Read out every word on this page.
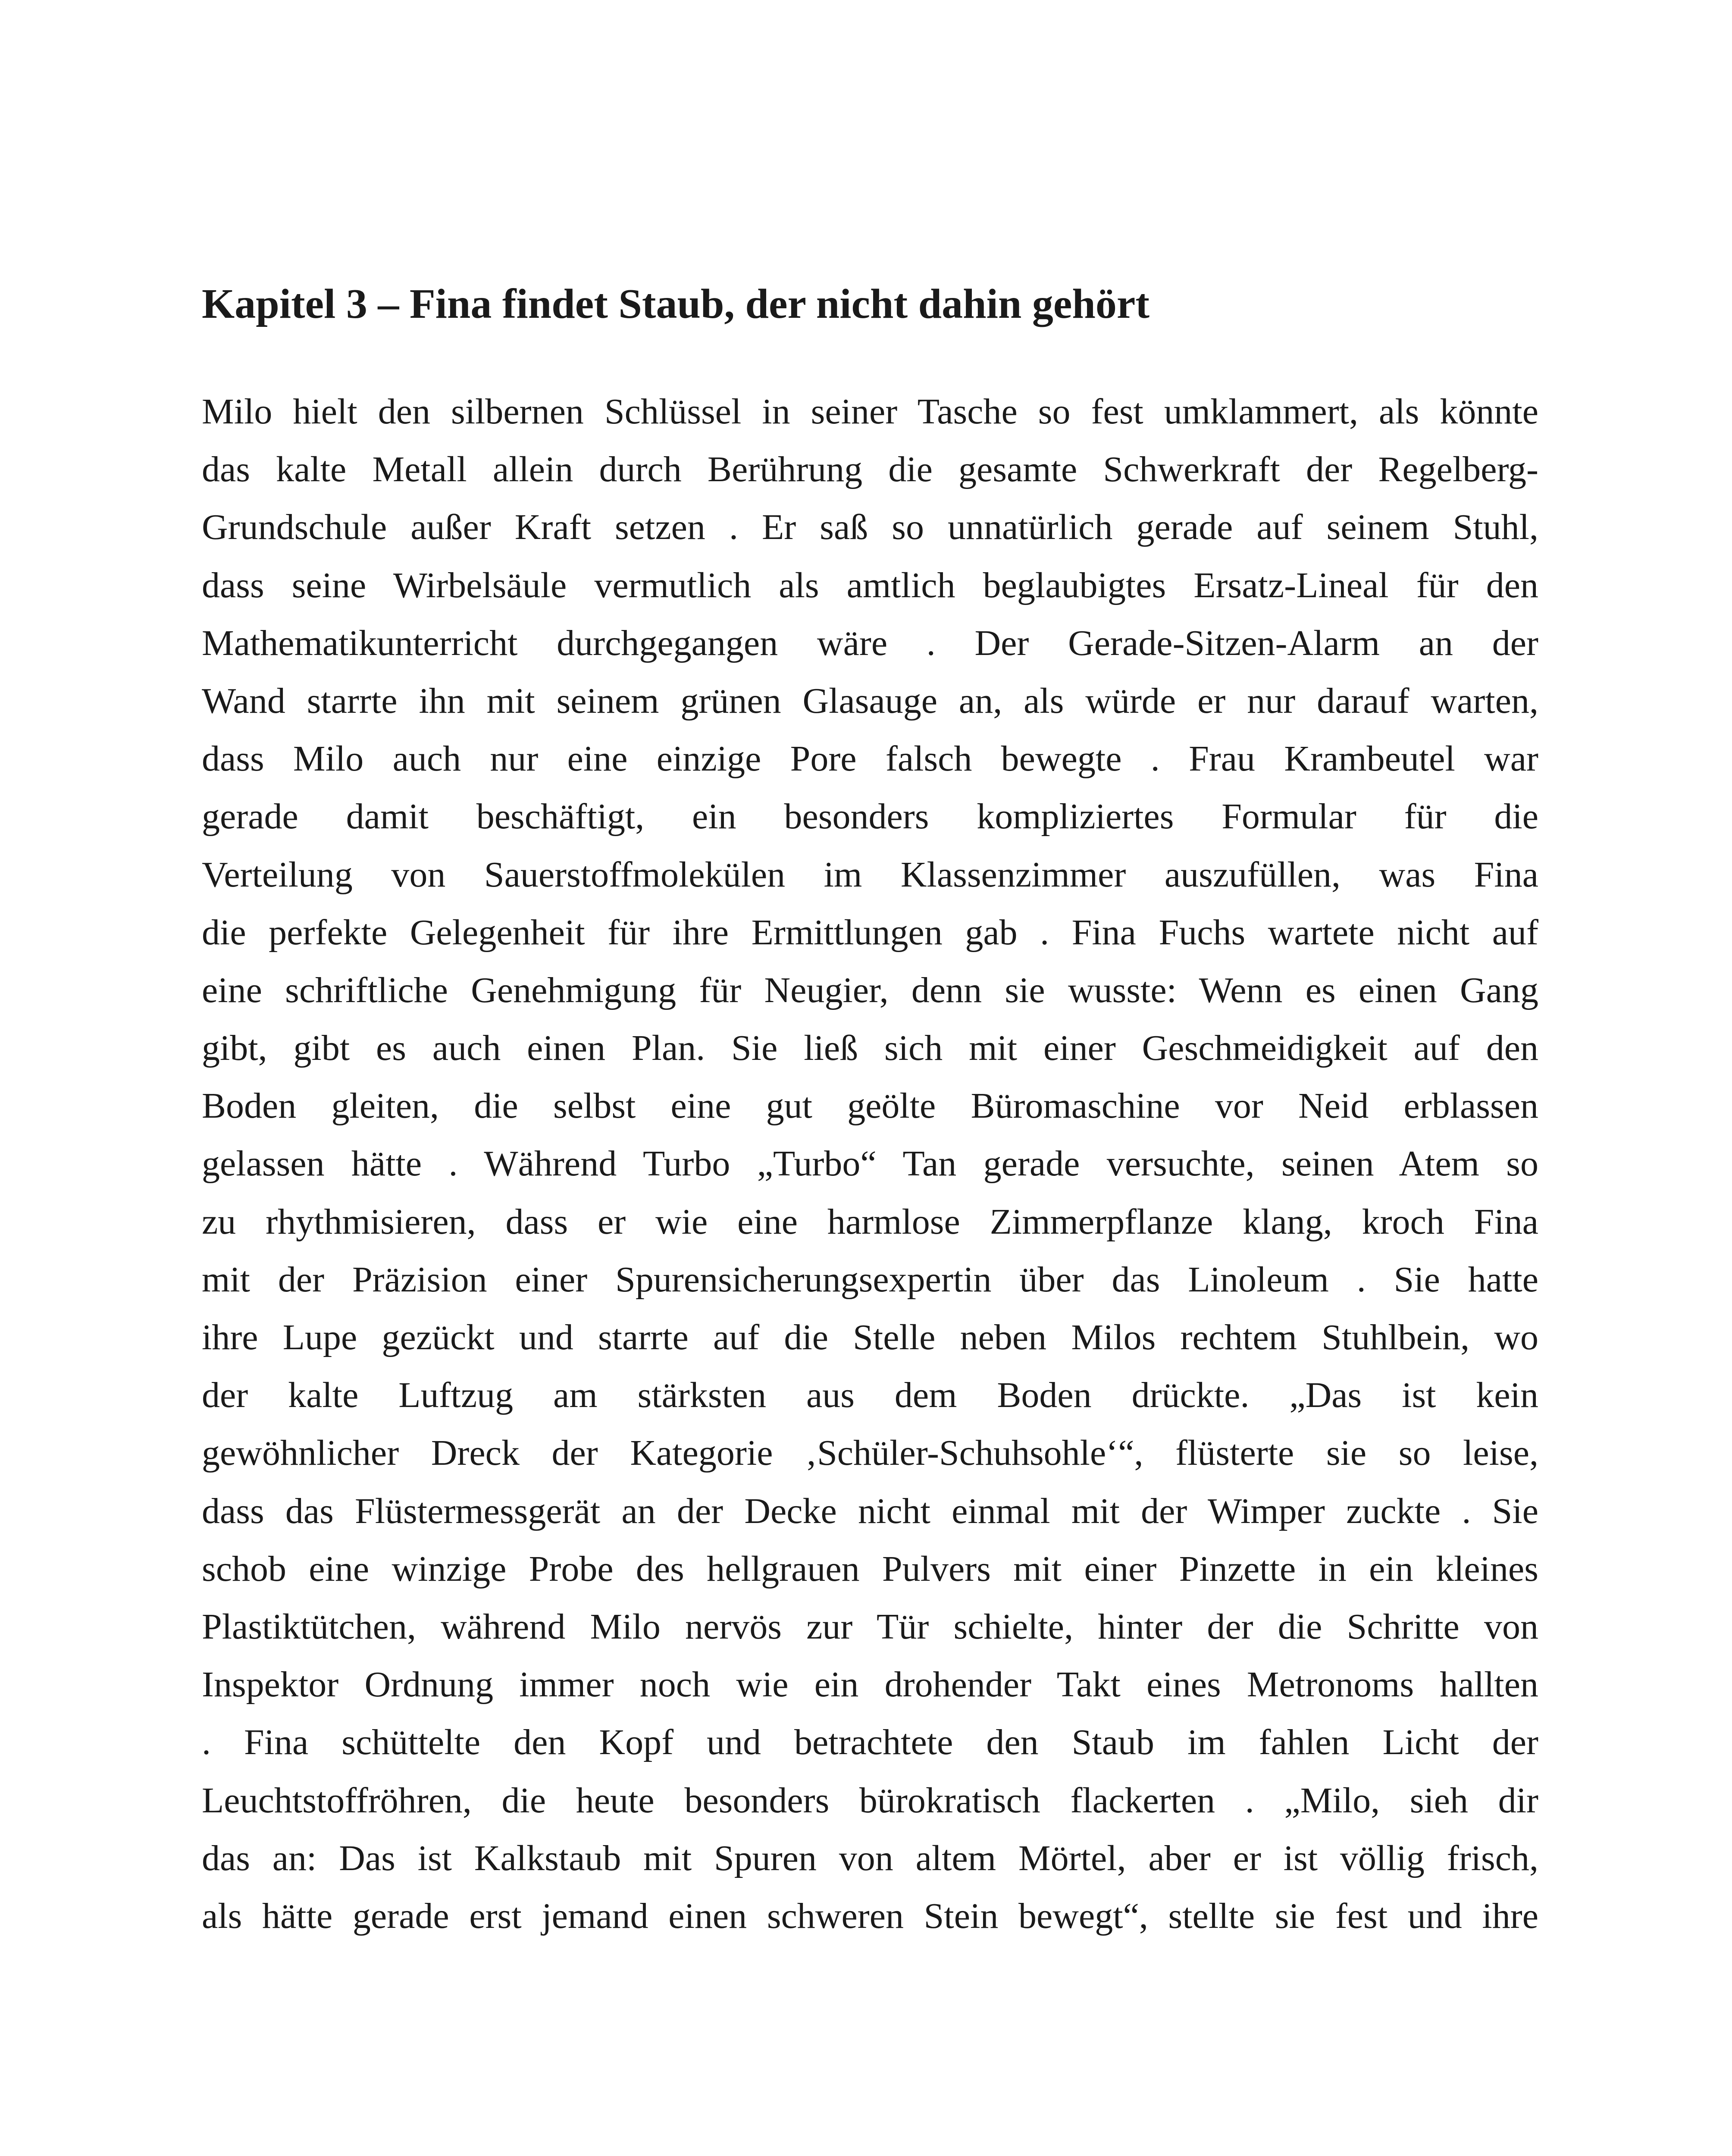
Kapitel 3 – Fina findet Staub, der nicht dahin gehört
Milo hielt den silbernen Schlüssel in seiner Tasche so fest umklammert, als könnte
das kalte Metall allein durch Berührung die gesamte Schwerkraft der Regelberg-
Grundschule außer Kraft setzen . Er saß so unnatürlich gerade auf seinem Stuhl,
dass seine Wirbelsäule vermutlich als amtlich beglaubigtes Ersatz-Lineal für den
Mathematikunterricht durchgegangen wäre . Der Gerade-Sitzen-Alarm an der
Wand starrte ihn mit seinem grünen Glasauge an, als würde er nur darauf warten,
dass Milo auch nur eine einzige Pore falsch bewegte . Frau Krambeutel war
gerade damit beschäftigt, ein besonders kompliziertes Formular für die
Verteilung von Sauerstoffmolekülen im Klassenzimmer auszufüllen, was Fina
die perfekte Gelegenheit für ihre Ermittlungen gab . Fina Fuchs wartete nicht auf
eine schriftliche Genehmigung für Neugier, denn sie wusste: Wenn es einen Gang
gibt, gibt es auch einen Plan. Sie ließ sich mit einer Geschmeidigkeit auf den
Boden gleiten, die selbst eine gut geölte Büromaschine vor Neid erblassen
gelassen hätte . Während Turbo „Turbo“ Tan gerade versuchte, seinen Atem so
zu rhythmisieren, dass er wie eine harmlose Zimmerpflanze klang, kroch Fina
mit der Präzision einer Spurensicherungsexpertin über das Linoleum . Sie hatte
ihre Lupe gezückt und starrte auf die Stelle neben Milos rechtem Stuhlbein, wo
der kalte Luftzug am stärksten aus dem Boden drückte. „Das ist kein
gewöhnlicher Dreck der Kategorie ‚Schüler-Schuhsohle‘“, flüsterte sie so leise,
dass das Flüstermessgerät an der Decke nicht einmal mit der Wimper zuckte . Sie
schob eine winzige Probe des hellgrauen Pulvers mit einer Pinzette in ein kleines
Plastiktütchen, während Milo nervös zur Tür schielte, hinter der die Schritte von
Inspektor Ordnung immer noch wie ein drohender Takt eines Metronoms hallten
. Fina schüttelte den Kopf und betrachtete den Staub im fahlen Licht der
Leuchtstoffröhren, die heute besonders bürokratisch flackerten . „Milo, sieh dir
das an: Das ist Kalkstaub mit Spuren von altem Mörtel, aber er ist völlig frisch,
als hätte gerade erst jemand einen schweren Stein bewegt“, stellte sie fest und ihre
